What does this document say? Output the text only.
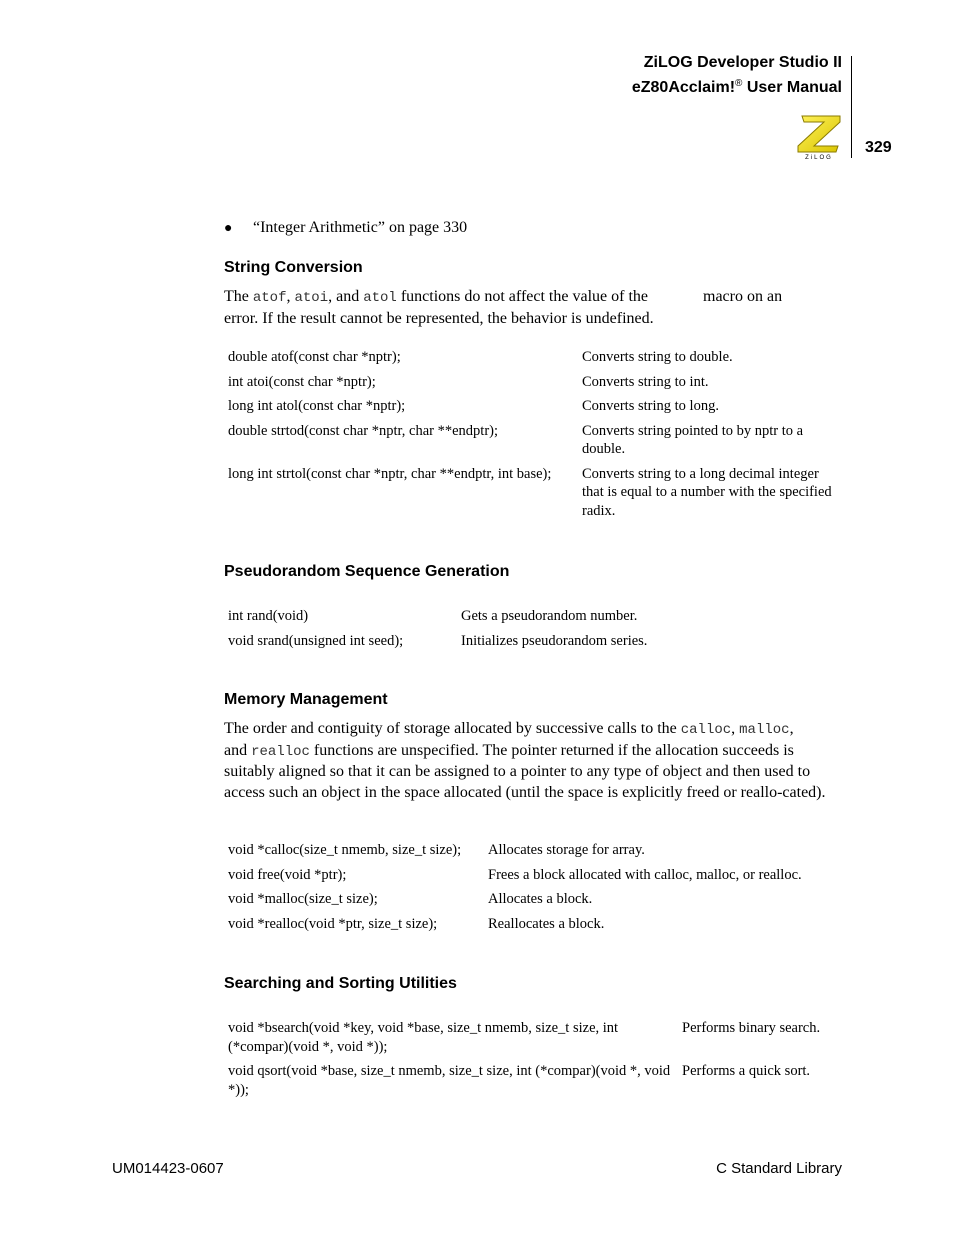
ZiLOG Developer Studio II
eZ80Acclaim!® User Manual
329
ZiLOG
● “Integer Arithmetic” on page 330
String Conversion

The atof, atoi, and atol functions do not affect the value of the	macro on an
error. If the result cannot be represented, the behavior is undefined.

double atof(const char *nptr);	Converts string to double.
int atoi(const char *nptr);	Converts string to int.
long int atol(const char *nptr);	Converts string to long.
double strtod(const char *nptr, char **endptr);	Converts string pointed to by nptr to a double.
long int strtol(const char *nptr, char **endptr, int base);	Converts string to a long decimal integer that is equal to a number with the specified radix.
Pseudorandom Sequence Generation
int rand(void)	Gets a pseudorandom number.
void srand(unsigned int seed);	Initializes pseudorandom series.
Memory Management

The order and contiguity of storage allocated by successive calls to the calloc, malloc,
and realloc functions are unspecified. The pointer returned if the allocation succeeds is suitably aligned so that it can be assigned to a pointer to any type of object and then used to access such an object in the space allocated (until the space is explicitly freed or reallo-cated).

void *calloc(size_t nmemb, size_t size);	Allocates storage for array.
void free(void *ptr);	Frees a block allocated with calloc, malloc, or realloc.
void *malloc(size_t size);	Allocates a block.
void *realloc(void *ptr, size_t size);	Reallocates a block.
Searching and Sorting Utilities
void *bsearch(void *key, void *base, size_t nmemb, size_t size, int (*compar)(void *, void *));	Performs binary search.
void qsort(void *base, size_t nmemb, size_t size, int (*compar)(void *, void *));	Performs a quick sort.
UM014423-0607	C Standard Library
